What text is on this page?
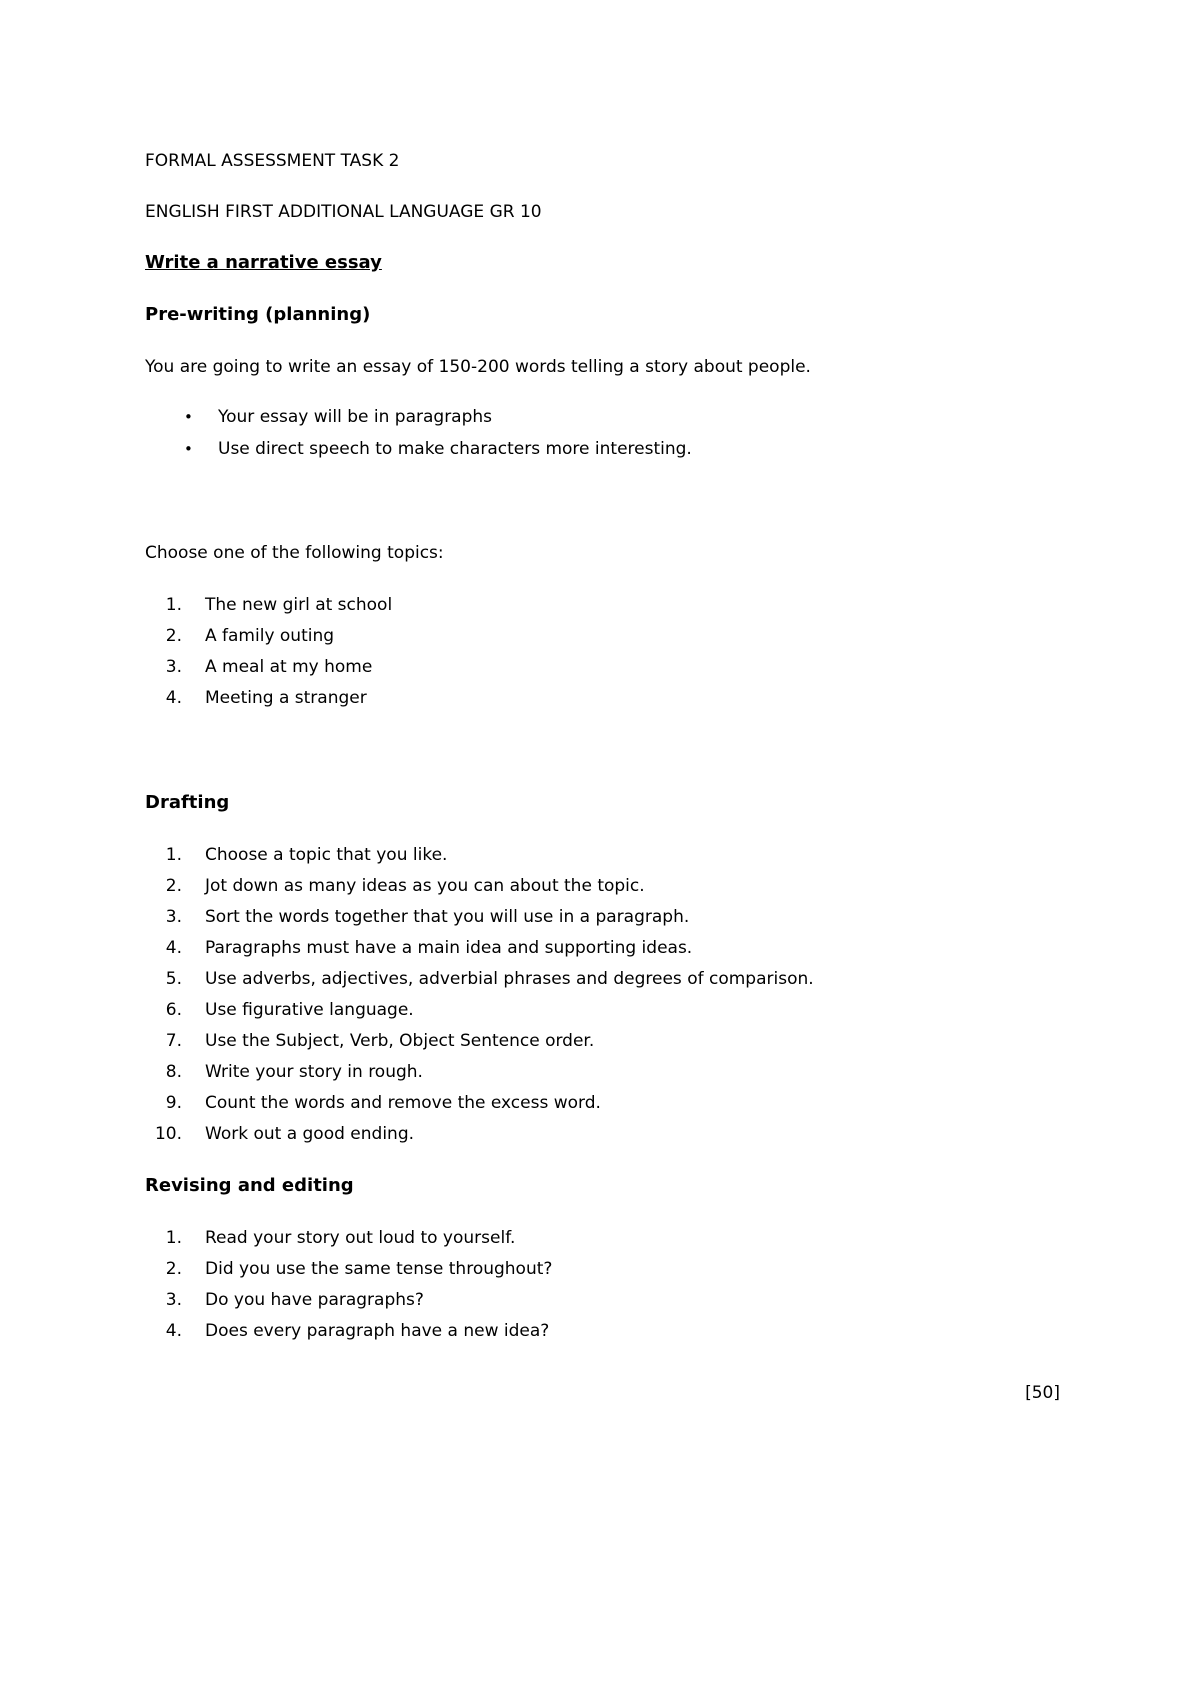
FORMAL ASSESSMENT TASK 2
ENGLISH FIRST ADDITIONAL LANGUAGE GR 10
Write a narrative essay
Pre-writing (planning)
You are going to write an essay of 150-200 words telling a story about people.
• Your essay will be in paragraphs
• Use direct speech to make characters more interesting.
Choose one of the following topics:
1. The new girl at school
2. A family outing
3. A meal at my home
4. Meeting a stranger
Drafting
1. Choose a topic that you like.
2. Jot down as many ideas as you can about the topic.
3. Sort the words together that you will use in a paragraph.
4. Paragraphs must have a main idea and supporting ideas.
5. Use adverbs, adjectives, adverbial phrases and degrees of comparison.
6. Use figurative language.
7. Use the Subject, Verb, Object Sentence order.
8. Write your story in rough.
9. Count the words and remove the excess word.
10. Work out a good ending.
Revising and editing
1. Read your story out loud to yourself.
2. Did you use the same tense throughout?
3. Do you have paragraphs?
4. Does every paragraph have a new idea?
[50]
